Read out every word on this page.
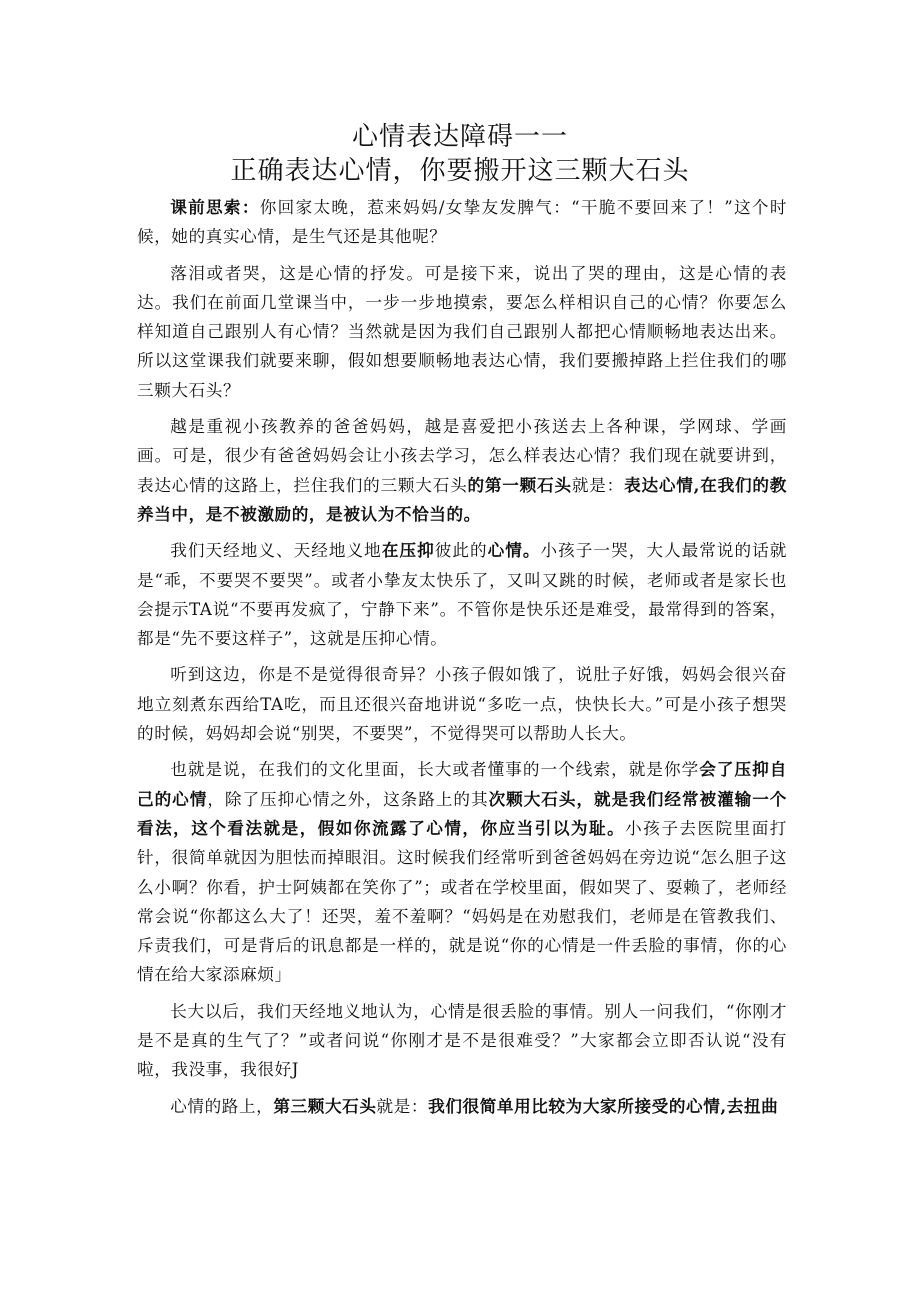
心情表达障碍一一
正确表达心情，你要搬开这三颗大石头

课前思索：你回家太晚，惹来妈妈/女挚友发脾气：“干脆不要回来了！”这个时候，她的真实心情，是生气还是其他呢？

落泪或者哭，这是心情的抒发。可是接下来，说出了哭的理由，这是心情的表达。我们在前面几堂课当中，一步一步地摸索，要怎么样相识自己的心情？你要怎么样知道自己跟别人有心情？当然就是因为我们自己跟别人都把心情顺畅地表达出来。所以这堂课我们就要来聊，假如想要顺畅地表达心情，我们要搬掉路上拦住我们的哪三颗大石头？

越是重视小孩教养的爸爸妈妈，越是喜爱把小孩送去上各种课，学网球、学画画。可是，很少有爸爸妈妈会让小孩去学习，怎么样表达心情？我们现在就要讲到，表达心情的这路上，拦住我们的三颗大石头的第一颗石头就是：表达心情,在我们的教养当中，是不被激励的，是被认为不恰当的。

我们天经地义、天经地义地在压抑彼此的心情。小孩子一哭，大人最常说的话就是“乖，不要哭不要哭”。或者小挚友太快乐了，又叫又跳的时候，老师或者是家长也会提示TA说“不要再发疯了，宁静下来”。不管你是快乐还是难受，最常得到的答案，都是“先不要这样子”，这就是压抑心情。

听到这边，你是不是觉得很奇异？小孩子假如饿了，说肚子好饿，妈妈会很兴奋地立刻煮东西给TA吃，而且还很兴奋地讲说“多吃一点，快快长大。”可是小孩子想哭的时候，妈妈却会说“别哭，不要哭”，不觉得哭可以帮助人长大。

也就是说，在我们的文化里面，长大或者懂事的一个线索，就是你学会了压抑自己的心情，除了压抑心情之外，这条路上的其次颗大石头，就是我们经常被灌输一个看法，这个看法就是，假如你流露了心情，你应当引以为耻。小孩子去医院里面打针，很简单就因为胆怯而掉眼泪。这时候我们经常听到爸爸妈妈在旁边说“怎么胆子这么小啊？你看，护士阿姨都在笑你了”；或者在学校里面，假如哭了、耍赖了，老师经常会说“你都这么大了！还哭，羞不羞啊？“妈妈是在劝慰我们，老师是在管教我们、斥责我们，可是背后的讯息都是一样的，就是说“你的心情是一件丢脸的事情，你的心情在给大家添麻烦」

长大以后，我们天经地义地认为，心情是很丢脸的事情。别人一问我们，“你刚才是不是真的生气了？”或者问说“你刚才是不是很难受？”大家都会立即否认说“没有啦，我没事，我很好J

心情的路上，第三颗大石头就是：我们很简单用比较为大家所接受的心情,去扭曲
